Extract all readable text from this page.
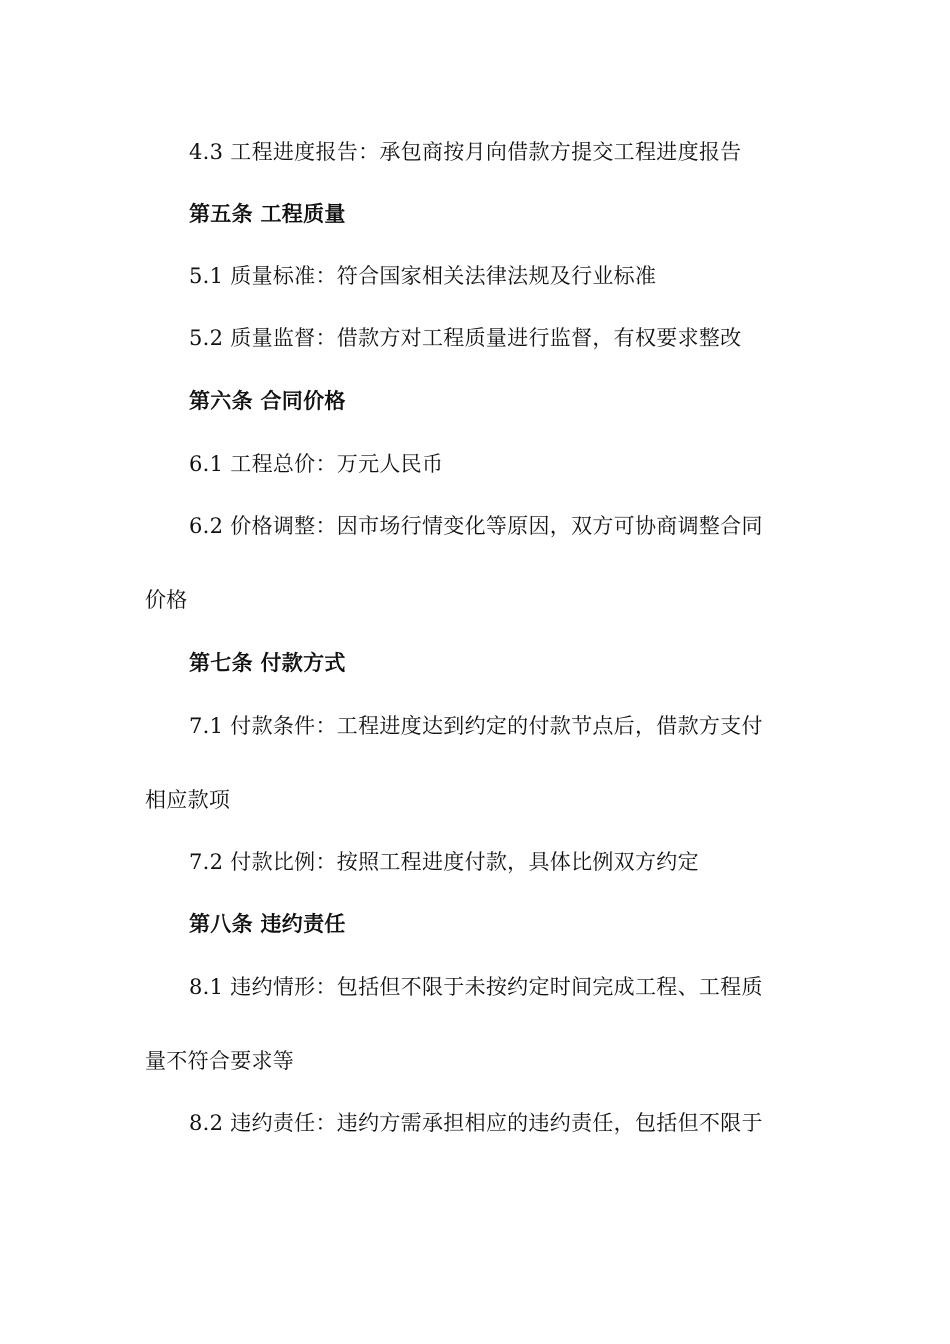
4.3 工程进度报告：承包商按月向借款方提交工程进度报告
第五条 工程质量
5.1 质量标准：符合国家相关法律法规及行业标准
5.2 质量监督：借款方对工程质量进行监督，有权要求整改
第六条 合同价格
6.1 工程总价：万元人民币
6.2 价格调整：因市场行情变化等原因，双方可协商调整合同
价格
第七条 付款方式
7.1 付款条件：工程进度达到约定的付款节点后，借款方支付
相应款项
7.2 付款比例：按照工程进度付款，具体比例双方约定
第八条 违约责任
8.1 违约情形：包括但不限于未按约定时间完成工程、工程质
量不符合要求等
8.2 违约责任：违约方需承担相应的违约责任，包括但不限于
